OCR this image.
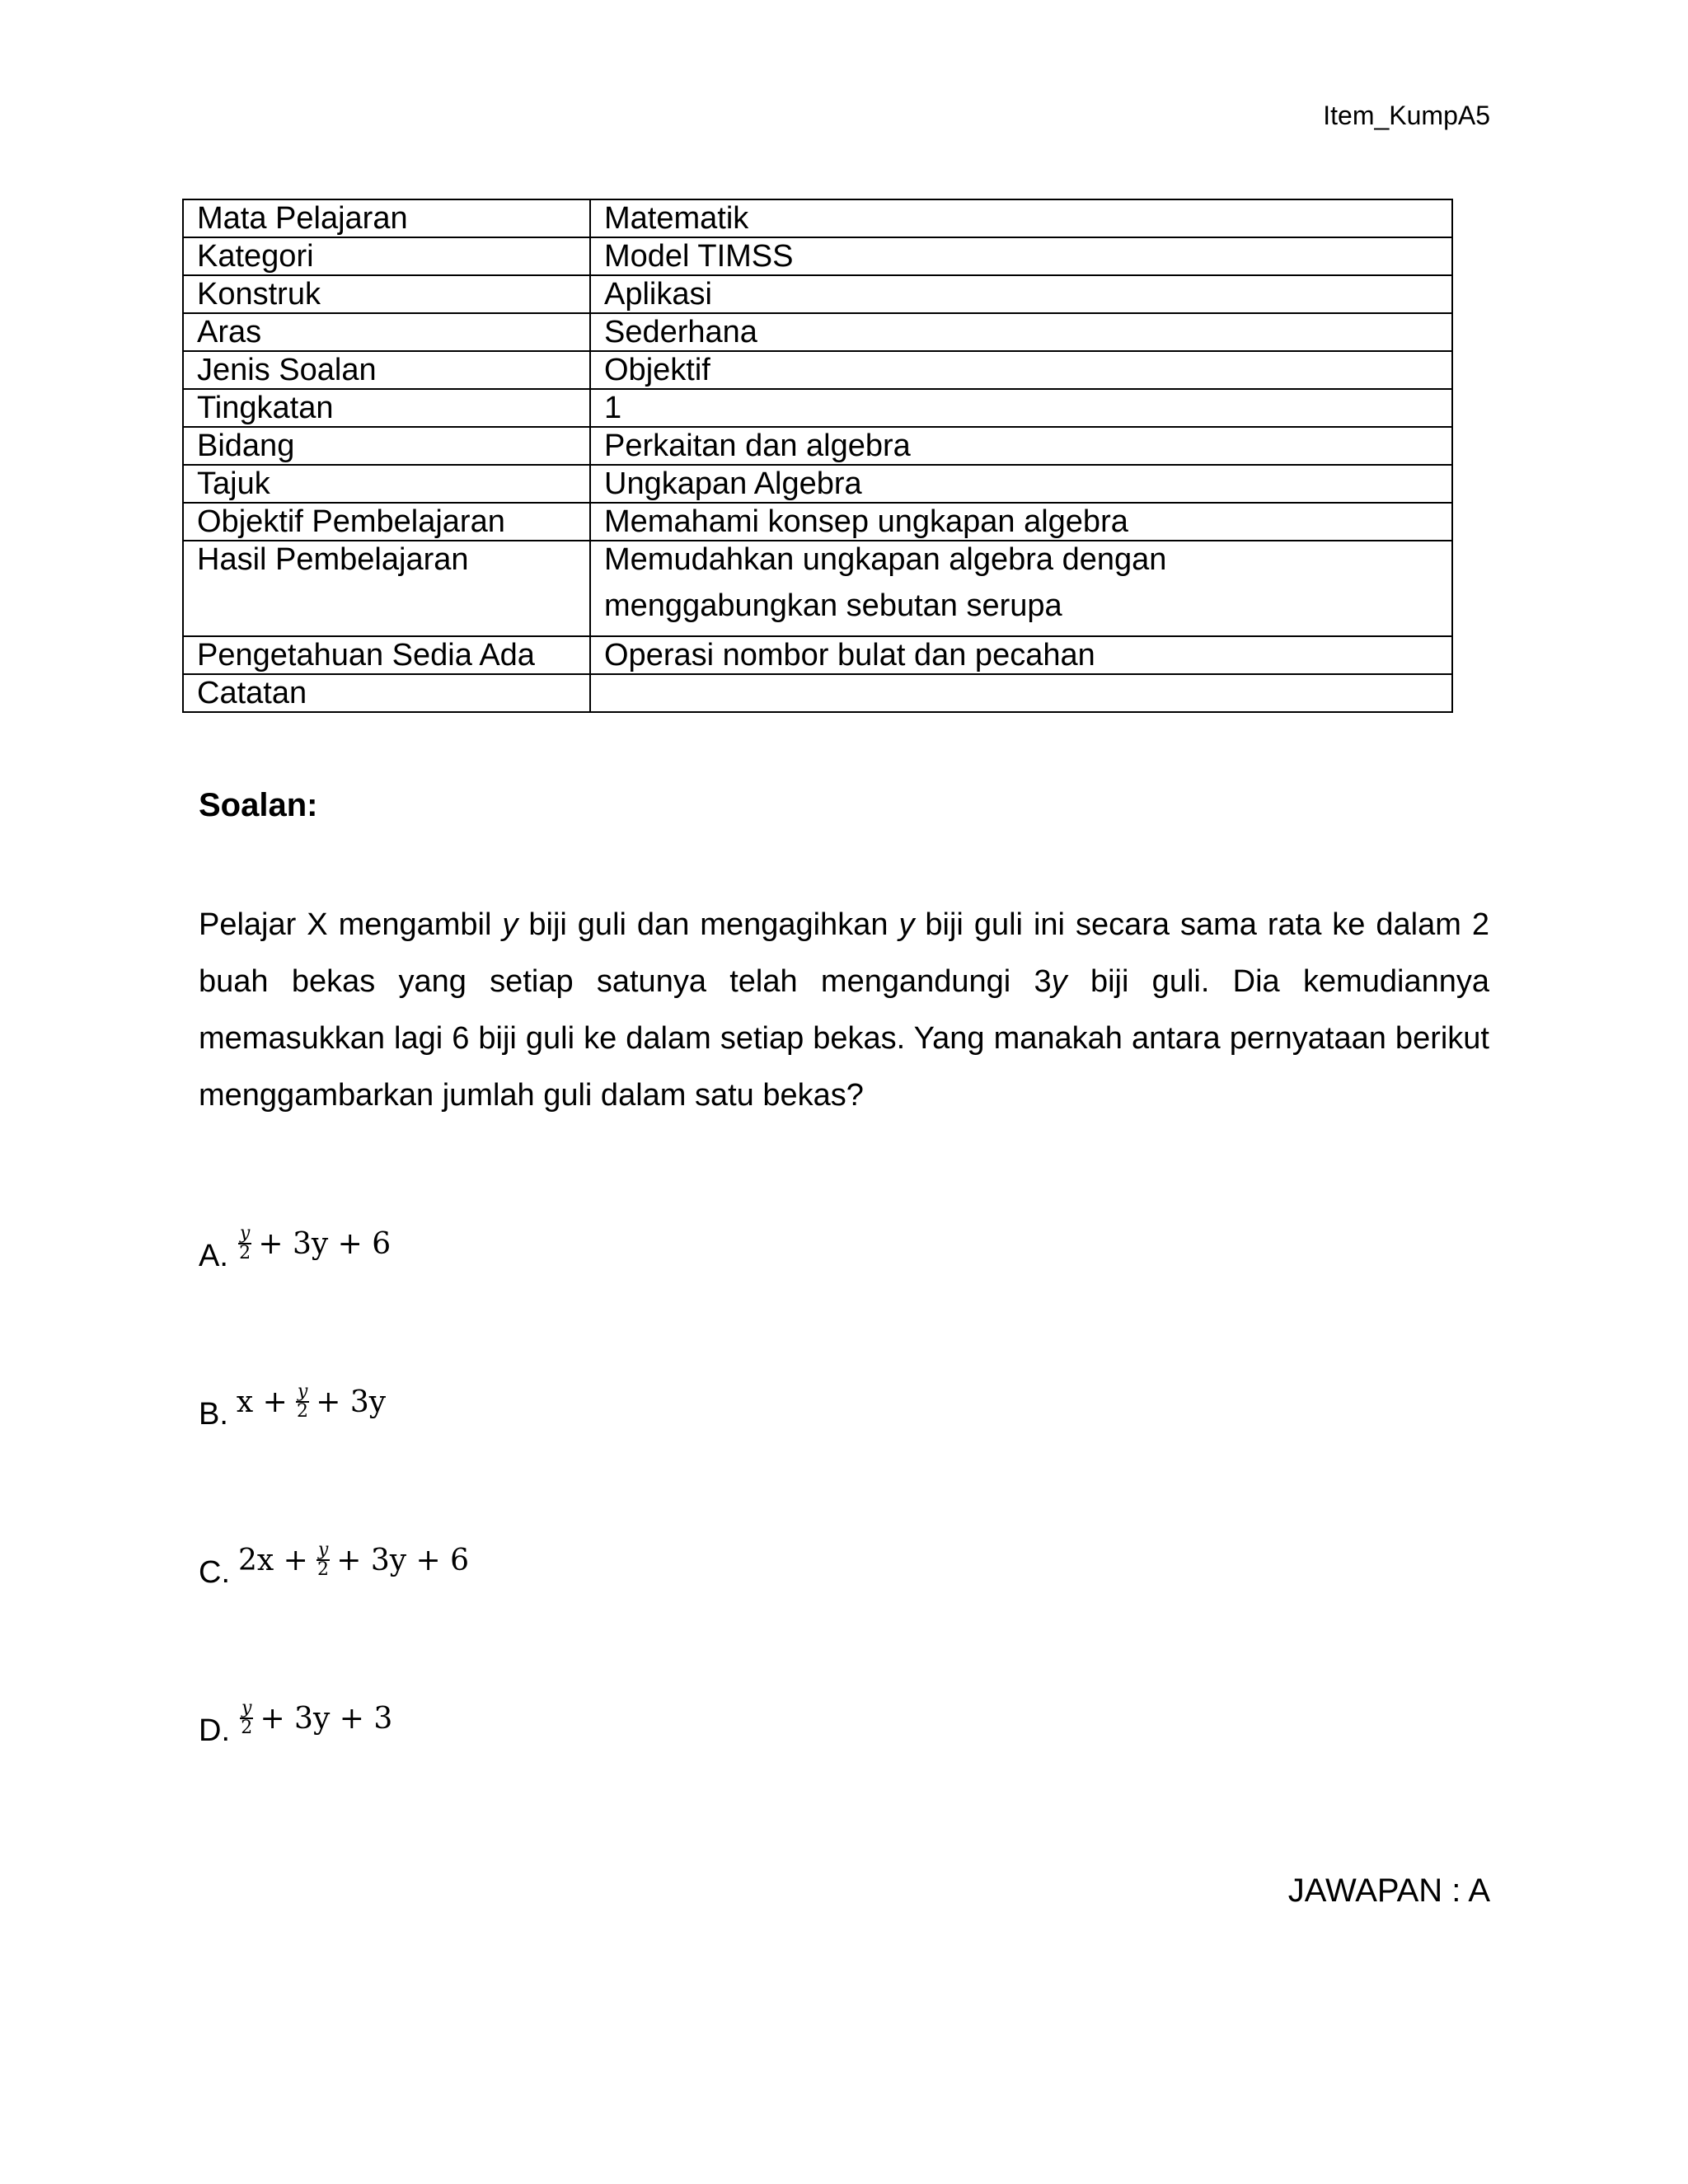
Item_KumpA5
Mata Pelajaran	Matematik
Kategori	Model TIMSS
Konstruk	Aplikasi
Aras	Sederhana
Jenis Soalan	Objektif
Tingkatan	1
Bidang	Perkaitan dan algebra
Tajuk	Ungkapan Algebra
Objektif Pembelajaran	Memahami konsep ungkapan algebra
Hasil Pembelajaran	Memudahkan ungkapan algebra dengan
menggabungkan sebutan serupa

Pengetahuan Sedia Ada	Operasi nombor bulat dan pecahan
Catatan	
Soalan:
Pelajar X mengambil y biji guli dan mengagihkan y biji guli ini secara sama rata ke dalam 2 buah bekas yang setiap satunya telah mengandungi 3y biji guli. Dia kemudiannya memasukkan lagi 6 biji guli ke dalam setiap bekas. Yang manakah antara pernyataan berikut menggambarkan jumlah guli dalam satu bekas?
A. $\frac{y}{2} + 3y + 6$
B. $x + \frac{y}{2} + 3y$
C. $2x + \frac{y}{2} + 3y + 6$
D. $\frac{y}{2} + 3y + 3$
JAWAPAN : A
